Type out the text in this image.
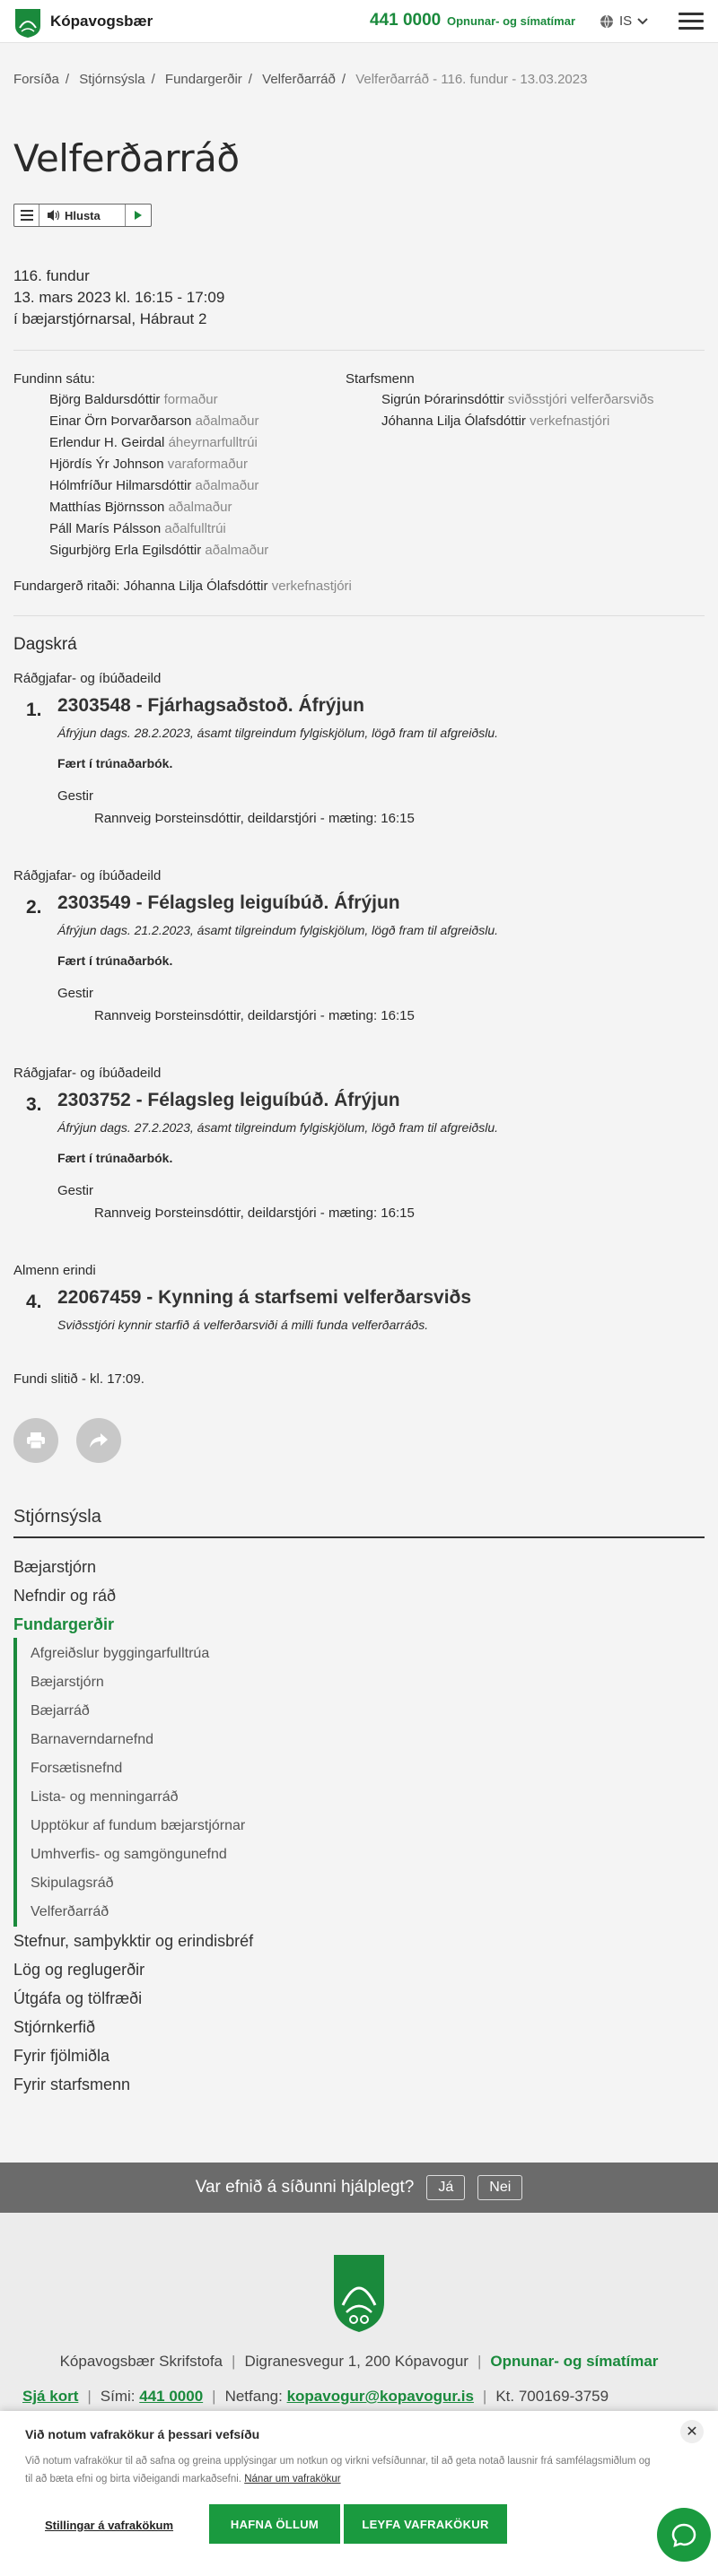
Kópavogsbær	441 0000 Opnunar- og símatímar	IS
Forsíða / Stjórnsýsla / Fundargerðir / Velferðarráð / Velferðarráð - 116. fundur - 13.03.2023
Velferðarráð
Hlusta
116. fundur
13. mars 2023 kl. 16:15 - 17:09
í bæjarstjórnarsal, Hábraut 2
Fundinn sátu:
Björg Baldursdóttir formaður
Einar Örn Þorvarðarson aðalmaður
Erlendur H. Geirdal áheyrnarfulltrúi
Hjördís Ýr Johnson varaformaður
Hólmfríður Hilmarsdóttir aðalmaður
Matthías Björnsson aðalmaður
Páll Marís Pálsson aðalfulltrúi
Sigurbjörg Erla Egilsdóttir aðalmaður
Starfsmenn
Sigrún Þórarinsdóttir sviðsstjóri velferðarsviðs
Jóhanna Lilja Ólafsdóttir verkefnastjóri
Fundargerð ritaði: Jóhanna Lilja Ólafsdóttir verkefnastjóri
Dagskrá
Ráðgjafar- og íbúðadeild
1. 2303548 - Fjárhagsaðstoð. Áfrýjun
Áfrýjun dags. 28.2.2023, ásamt tilgreindum fylgiskjölum, lögð fram til afgreiðslu.
Fært í trúnaðarbók.
Gestir
Rannveig Þorsteinsdóttir, deildarstjóri - mæting: 16:15
Ráðgjafar- og íbúðadeild
2. 2303549 - Félagsleg leiguíbúð. Áfrýjun
Áfrýjun dags. 21.2.2023, ásamt tilgreindum fylgiskjölum, lögð fram til afgreiðslu.
Fært í trúnaðarbók.
Gestir
Rannveig Þorsteinsdóttir, deildarstjóri - mæting: 16:15
Ráðgjafar- og íbúðadeild
3. 2303752 - Félagsleg leiguíbúð. Áfrýjun
Áfrýjun dags. 27.2.2023, ásamt tilgreindum fylgiskjölum, lögð fram til afgreiðslu.
Fært í trúnaðarbók.
Gestir
Rannveig Þorsteinsdóttir, deildarstjóri - mæting: 16:15
Almenn erindi
4. 22067459 - Kynning á starfsemi velferðarsviðs
Sviðsstjóri kynnir starfið á velferðarsviði á milli funda velferðarráðs.
Fundi slitið - kl. 17:09.
Stjórnsýsla
Bæjarstjórn
Nefndir og ráð
Fundargerðir
Afgreiðslur byggingarfulltrúa
Bæjarstjórn
Bæjarráð
Barnaverndarnefnd
Forsætisnefnd
Lista- og menningarráð
Upptökur af fundum bæjarstjórnar
Umhverfis- og samgöngunefnd
Skipulagsráð
Velferðarráð
Stefnur, samþykktir og erindisbréf
Lög og reglugerðir
Útgáfa og tölfræði
Stjórnkerfið
Fyrir fjölmiðla
Fyrir starfsmenn
Var efnið á síðunni hjálplegt?	Já	Nei
Kópavogsbær Skrifstofa | Digranesvegur 1, 200 Kópavogur | Opnunar- og símatímar
Sjá kort | Sími: 441 0000 | Netfang: kopavogur@kopavogur.is | Kt. 700169-3759
Við notum vafrakökur á þessari vefsíðu
Við notum vafrakökur til að safna og greina upplýsingar um notkun og virkni vefsíðunnar, til að geta notað lausnir frá samfélagsmiðlum og til að bæta efni og birta viðeigandi markaðsefni. Nánar um vafrakökur
✕
Stillingar á vafrakökum	HAFNA ÖLLUM	LEYFA VAFRAKÖKUR
